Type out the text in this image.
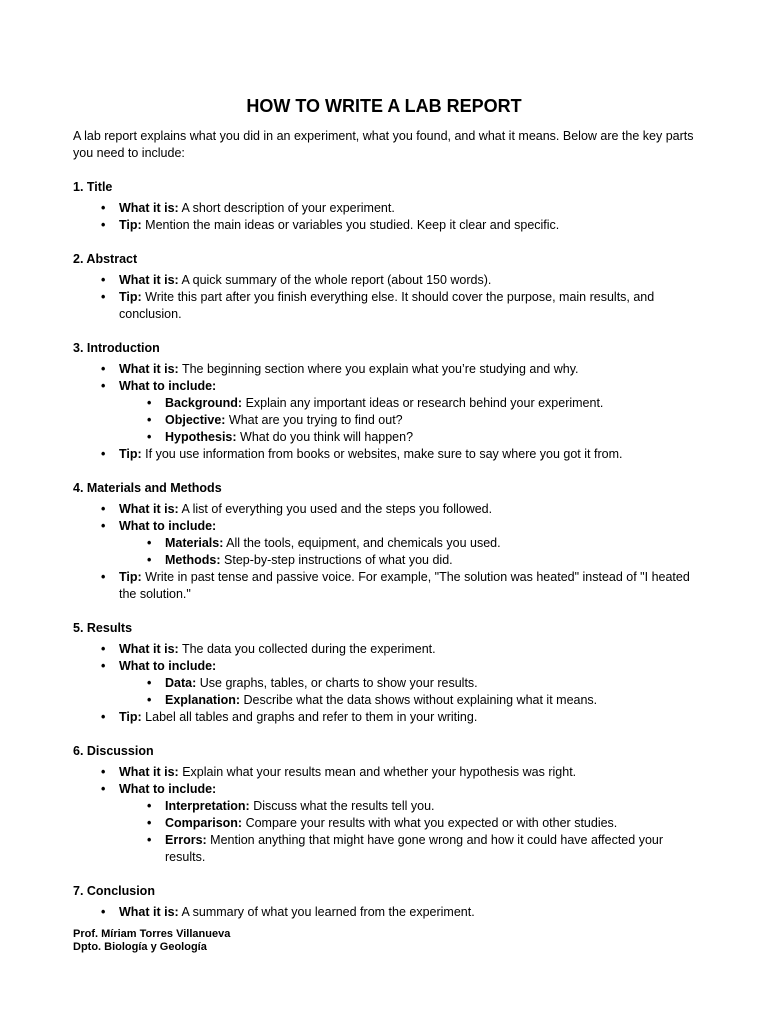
HOW TO WRITE A LAB REPORT

A lab report explains what you did in an experiment, what you found, and what it means. Below are the key parts you need to include:

1. Title
• What it is: A short description of your experiment.
• Tip: Mention the main ideas or variables you studied. Keep it clear and specific.
2. Abstract
• What it is: A quick summary of the whole report (about 150 words).
• Tip: Write this part after you finish everything else. It should cover the purpose, main results, and conclusion.
3. Introduction
• What it is: The beginning section where you explain what you’re studying and why.
• What to include:
• Background: Explain any important ideas or research behind your experiment.
• Objective: What are you trying to find out?
• Hypothesis: What do you think will happen?
• Tip: If you use information from books or websites, make sure to say where you got it from.
4. Materials and Methods
• What it is: A list of everything you used and the steps you followed.
• What to include:
• Materials: All the tools, equipment, and chemicals you used.
• Methods: Step-by-step instructions of what you did.
• Tip: Write in past tense and passive voice. For example, "The solution was heated" instead of "I heated the solution."
5. Results
• What it is: The data you collected during the experiment.
• What to include:
• Data: Use graphs, tables, or charts to show your results.
• Explanation: Describe what the data shows without explaining what it means.
• Tip: Label all tables and graphs and refer to them in your writing.
6. Discussion
• What it is: Explain what your results mean and whether your hypothesis was right.
• What to include:
• Interpretation: Discuss what the results tell you.
• Comparison: Compare your results with what you expected or with other studies.
• Errors: Mention anything that might have gone wrong and how it could have affected your results.
7. Conclusion
• What it is: A summary of what you learned from the experiment.
Prof. Míriam Torres Villanueva
Dpto. Biología y Geología
